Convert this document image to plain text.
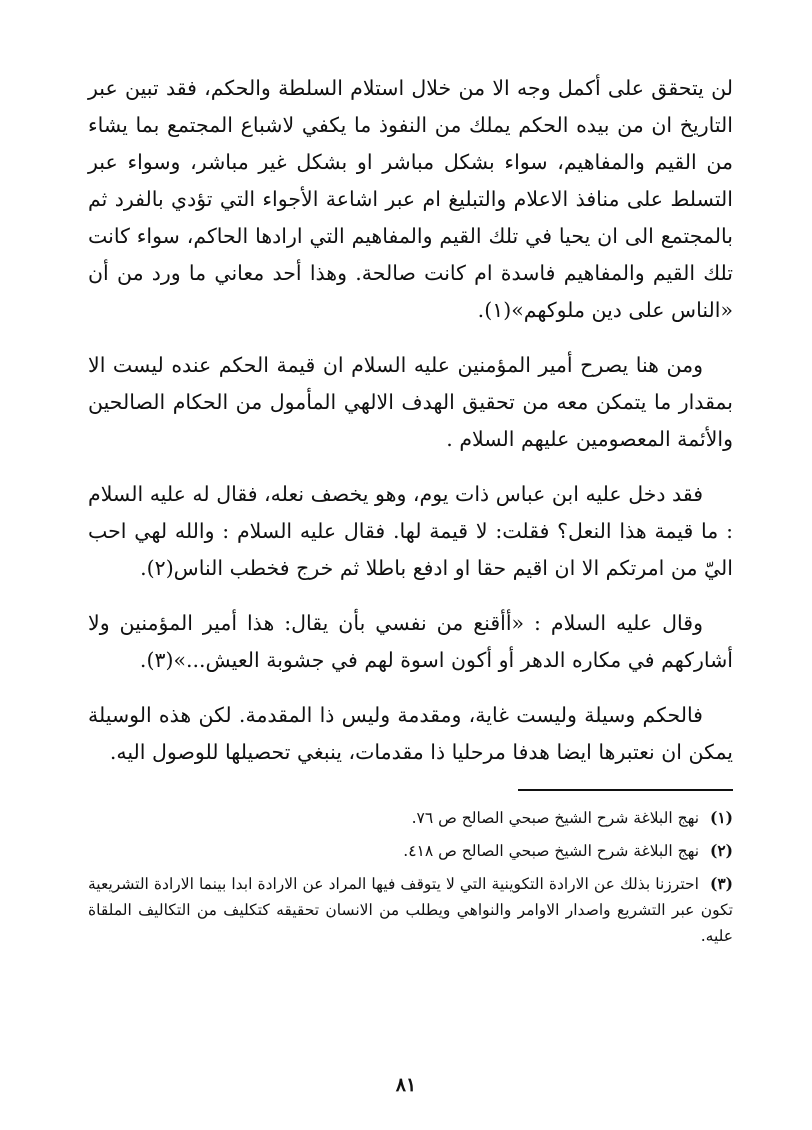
لن يتحقق على أكمل وجه الا من خلال استلام السلطة والحكم، فقد تبين عبر التاريخ ان من بيده الحكم يملك من النفوذ ما يكفي لاشباع المجتمع بما يشاء من القيم والمفاهيم، سواء بشكل مباشر او بشكل غير مباشر، وسواء عبر التسلط على منافذ الاعلام والتبليغ ام عبر اشاعة الأجواء التي تؤدي بالفرد ثم بالمجتمع الى ان يحيا في تلك القيم والمفاهيم التي ارادها الحاكم، سواء كانت تلك القيم والمفاهيم فاسدة ام كانت صالحة. وهذا أحد معاني ما ورد من أن «الناس على دين ملوكهم»(١).

ومن هنا يصرح أمير المؤمنين عليه السلام ان قيمة الحكم عنده ليست الا بمقدار ما يتمكن معه من تحقيق الهدف الالهي المأمول من الحكام الصالحين والأئمة المعصومين عليهم السلام .

فقد دخل عليه ابن عباس ذات يوم، وهو يخصف نعله، فقال له عليه السلام : ما قيمة هذا النعل؟ فقلت: لا قيمة لها. فقال عليه السلام : والله لهي احب اليّ من امرتكم الا ان اقيم حقا او ادفع باطلا ثم خرج فخطب الناس(٢).

وقال عليه السلام : «أأقنع من نفسي بأن يقال: هذا أمير المؤمنين ولا أشاركهم في مكاره الدهر أو أكون اسوة لهم في جشوبة العيش...»(٣).

فالحكم وسيلة وليست غاية، ومقدمة وليس ذا المقدمة. لكن هذه الوسيلة يمكن ان نعتبرها ايضا هدفا مرحليا ذا مقدمات، ينبغي تحصيلها للوصول اليه.

(١) نهج البلاغة شرح الشيخ صبحي الصالح ص ٧٦.
(٢) نهج البلاغة شرح الشيخ صبحي الصالح ص ٤١٨.
(٣) احترزنا بذلك عن الارادة التكوينية التي لا يتوقف فيها المراد عن الارادة ابدا بينما الارادة التشريعية تكون عبر التشريع واصدار الاوامر والنواهي ويطلب من الانسان تحقيقه كتكليف من التكاليف الملقاة عليه.
٨١
